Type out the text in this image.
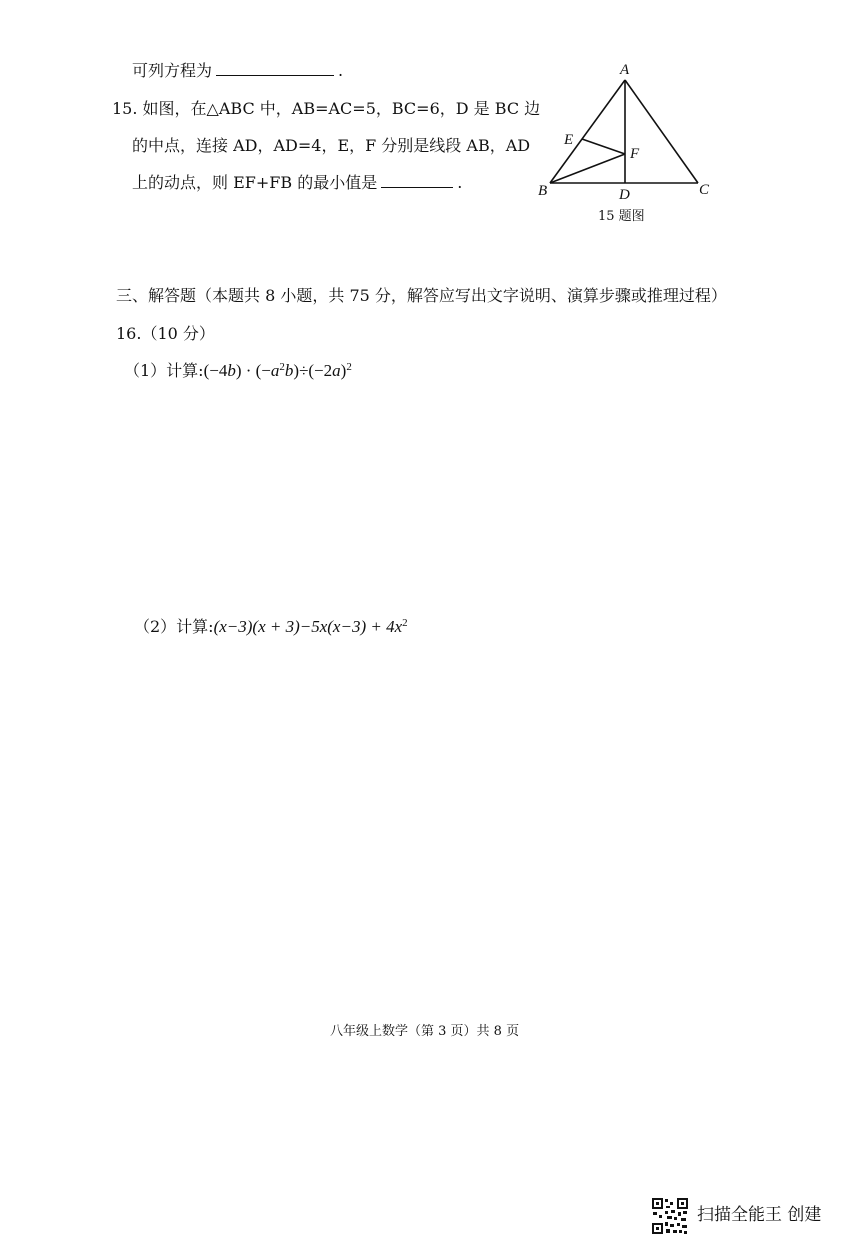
可列方程为	.
15. 如图，在△ABC 中，AB=AC=5，BC=6，D 是 BC 边
的中点，连接 AD，AD=4，E，F 分别是线段 AB，AD
上的动点，则 EF+FB 的最小值是	.
A
B	C
D
E
F
15 题图
三、解答题（本题共 8 小题，共 75 分，解答应写出文字说明、演算步骤或推理过程）
16.（10 分）
（1）计算:(−4b) · $(-a^2b)\div(-2a)^2$
（2）计算:(x−3)(x + $3)-5x(x-3) + 4x^2$
八年级上数学（第 3 页）共 8 页
扫描全能王 创建
